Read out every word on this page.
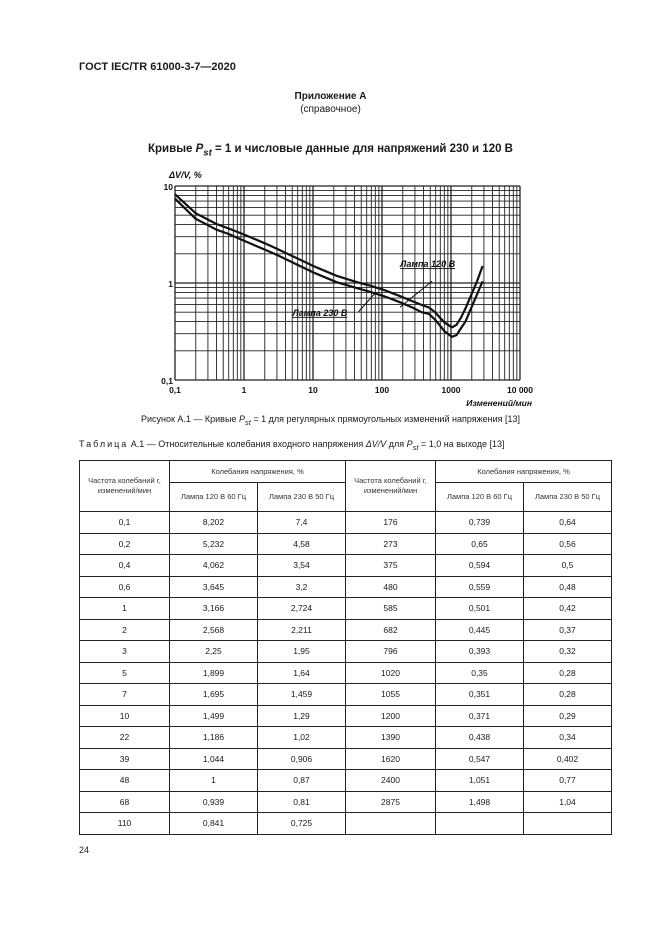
ГОСТ IEC/TR 61000-3-7—2020
Приложение А
(справочное)
Кривые $P_{st} = 1$ и числовые данные для напряжений 230 и 120 В
Лампа 120 В
Лампа 230 В
0,1
1
10
0,1	1	10	100	1000	10 000
ΔV/V, %
Изменений/мин
Рисунок А.1 — Кривые $P_{st} = 1$ для регулярных прямоугольных изменений напряжения [13]
Таблица А.1 — Относительные колебания входного напряжения ΔV/V для $P_{st} = 1,0$ на выходе [13]
Частота колебаний r, изменений/мин	Колебания напряжения, %		Частота колебаний r, изменений/мин	Колебания напряжения, %	
	Лампа 120 В 60 Гц	Лампа 230 В 50 Гц		Лампа 120 В 60 Гц	Лампа 230 В 50 Гц
0,1	8,202	7,4	176	0,739	0,64
0,2	5,232	4,58	273	0,65	0,56
0,4	4,062	3,54	375	0,594	0,5
0,6	3,645	3,2	480	0,559	0,48
1	3,166	2,724	585	0,501	0,42
2	2,568	2,211	682	0,445	0,37
3	2,25	1,95	796	0,393	0,32
5	1,899	1,64	1020	0,35	0,28
7	1,695	1,459	1055	0,351	0,28
10	1,499	1,29	1200	0,371	0,29
22	1,186	1,02	1390	0,438	0,34
39	1,044	0,906	1620	0,547	0,402
48	1	0,87	2400	1,051	0,77
68	0,939	0,81	2875	1,498	1,04
110	0,841	0,725			
24
